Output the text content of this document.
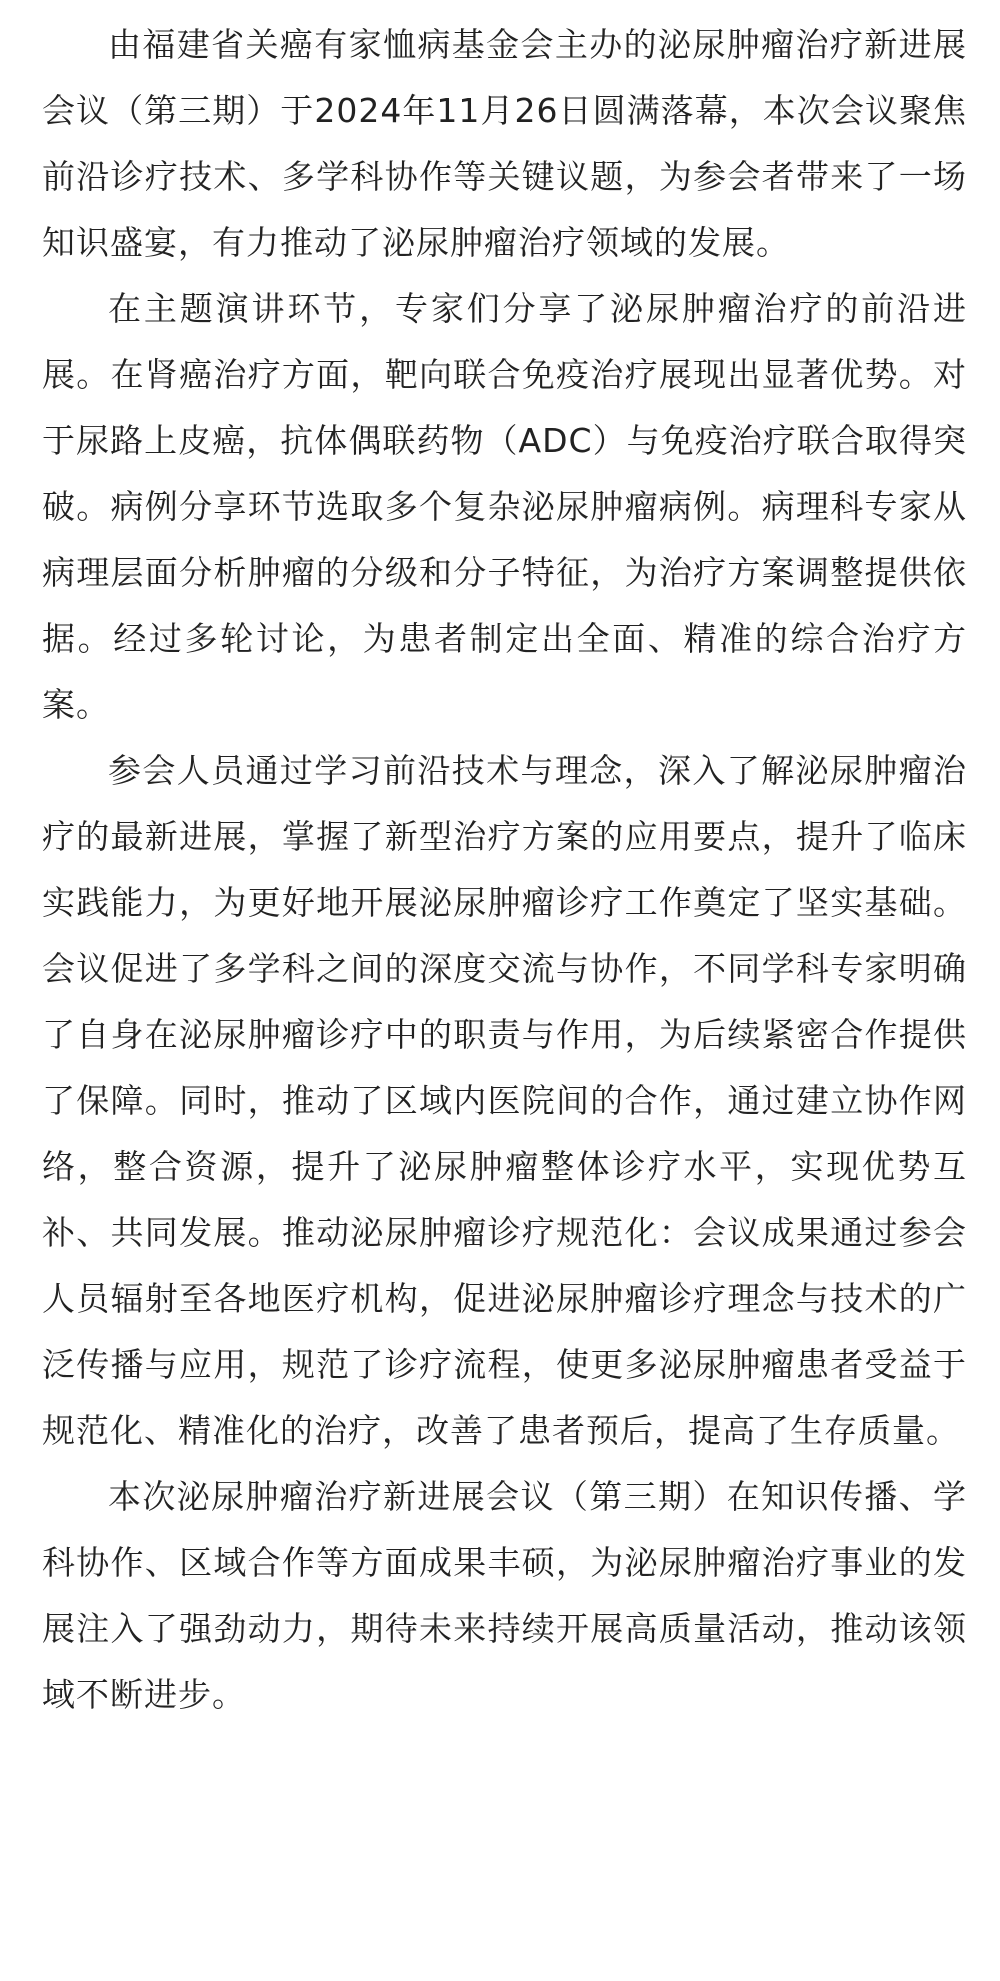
由福建省关癌有家恤病基金会主办的泌尿肿瘤治疗新进展会议（第三期）于2024年11月26日圆满落幕，本次会议聚焦前沿诊疗技术、多学科协作等关键议题，为参会者带来了一场知识盛宴，有力推动了泌尿肿瘤治疗领域的发展。

在主题演讲环节，专家们分享了泌尿肿瘤治疗的前沿进展。在肾癌治疗方面，靶向联合免疫治疗展现出显著优势。对于尿路上皮癌，抗体偶联药物（ADC）与免疫治疗联合取得突破。病例分享环节选取多个复杂泌尿肿瘤病例。病理科专家从病理层面分析肿瘤的分级和分子特征，为治疗方案调整提供依据。经过多轮讨论，为患者制定出全面、精准的综合治疗方案。

参会人员通过学习前沿技术与理念，深入了解泌尿肿瘤治疗的最新进展，掌握了新型治疗方案的应用要点，提升了临床实践能力，为更好地开展泌尿肿瘤诊疗工作奠定了坚实基础。会议促进了多学科之间的深度交流与协作，不同学科专家明确了自身在泌尿肿瘤诊疗中的职责与作用，为后续紧密合作提供了保障。同时，推动了区域内医院间的合作，通过建立协作网络，整合资源，提升了泌尿肿瘤整体诊疗水平，实现优势互补、共同发展。推动泌尿肿瘤诊疗规范化：会议成果通过参会人员辐射至各地医疗机构，促进泌尿肿瘤诊疗理念与技术的广泛传播与应用，规范了诊疗流程，使更多泌尿肿瘤患者受益于规范化、精准化的治疗，改善了患者预后，提高了生存质量。

本次泌尿肿瘤治疗新进展会议（第三期）在知识传播、学科协作、区域合作等方面成果丰硕，为泌尿肿瘤治疗事业的发展注入了强劲动力，期待未来持续开展高质量活动，推动该领域不断进步。
